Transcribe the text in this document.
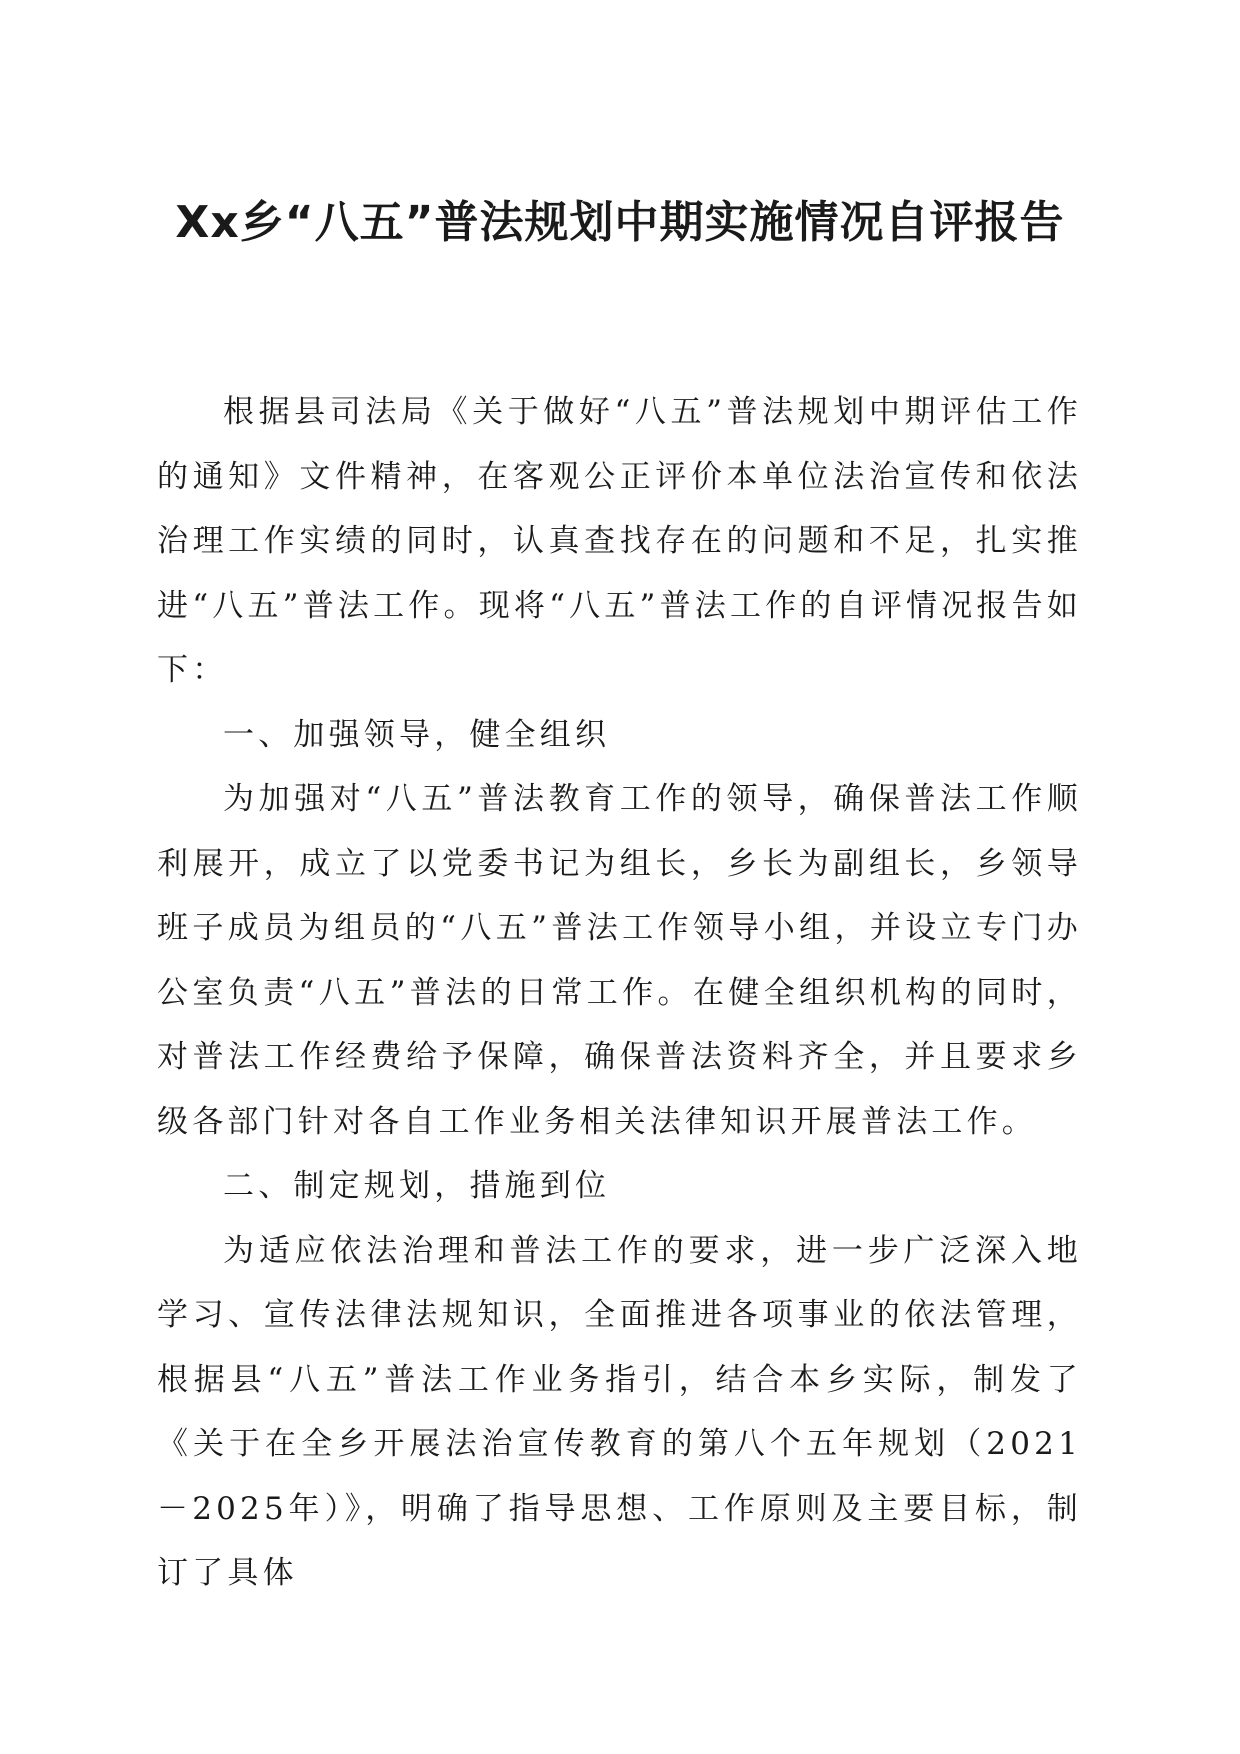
Xx乡“八五”普法规划中期实施情况自评报告

根据县司法局《关于做好“八五”普法规划中期评估工作的通知》文件精神，在客观公正评价本单位法治宣传和依法治理工作实绩的同时，认真查找存在的问题和不足，扎实推进“八五”普法工作。现将“八五”普法工作的自评情况报告如下：

一、加强领导，健全组织

为加强对“八五”普法教育工作的领导，确保普法工作顺利展开，成立了以党委书记为组长，乡长为副组长，乡领导班子成员为组员的“八五”普法工作领导小组，并设立专门办公室负责“八五”普法的日常工作。在健全组织机构的同时，对普法工作经费给予保障，确保普法资料齐全，并且要求乡级各部门针对各自工作业务相关法律知识开展普法工作。

二、制定规划，措施到位

为适应依法治理和普法工作的要求，进一步广泛深入地学习、宣传法律法规知识，全面推进各项事业的依法管理，根据县“八五”普法工作业务指引，结合本乡实际，制发了《关于在全乡开展法治宣传教育的第八个五年规划（2021－2025年）》，明确了指导思想、工作原则及主要目标，制订了具体
